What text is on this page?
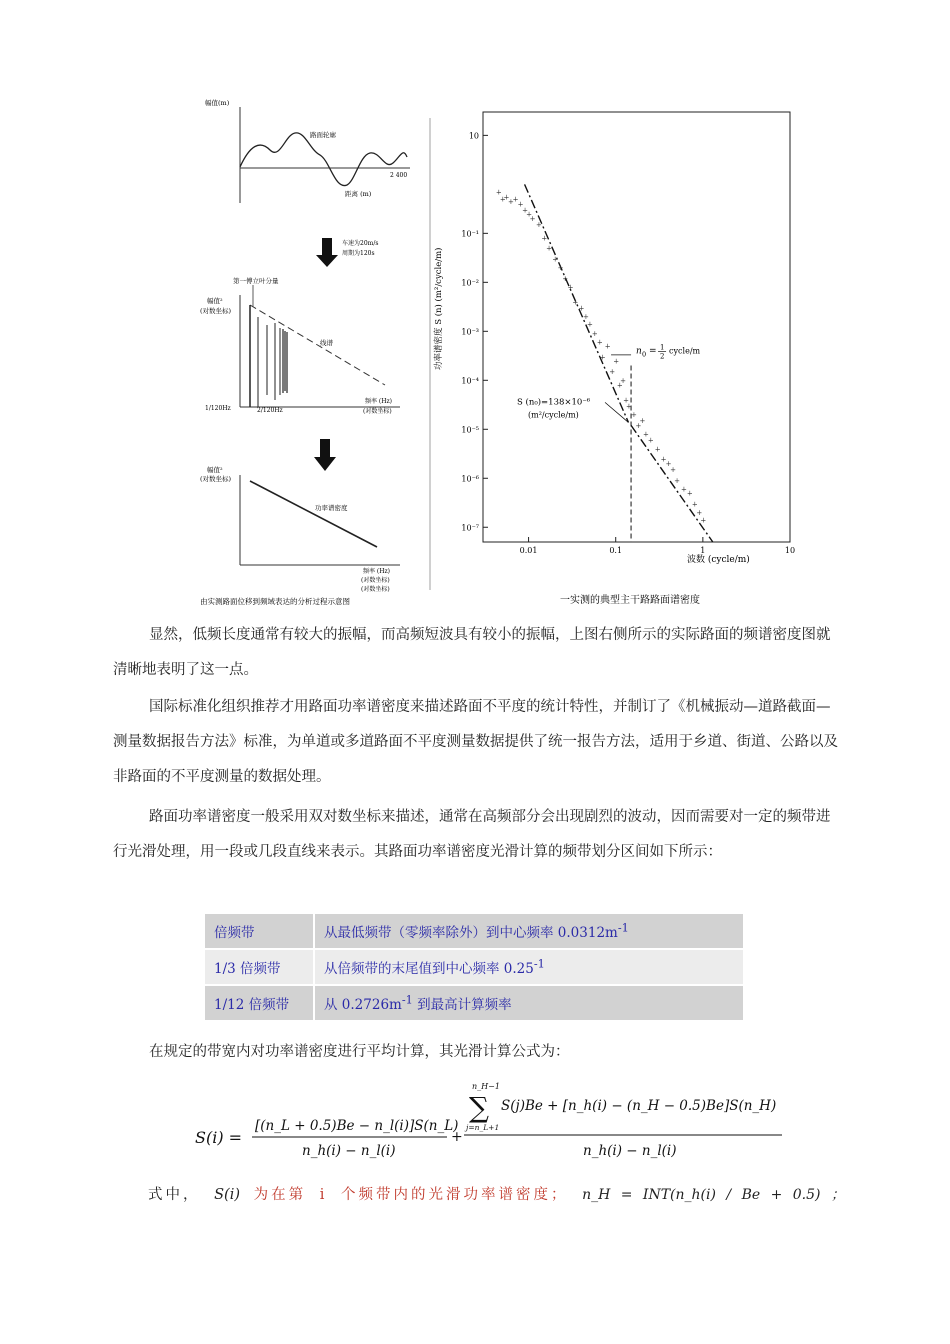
幅值(m)
路面轮廓
2 400
距离 (m)
车速为20m/s
周期为120s
第一傅立叶分量
幅值²
(对数坐标)
线谱
1/120Hz	2/120Hz
频率 (Hz)
(对数坐标)
幅值²
(对数坐标)
功率谱密度
频率 (Hz)
(对数坐标)
(对数坐标)
由实测路面位移到频域表达的分析过程示意图
功率谱密度 S (n) (m²/cycle/m)
10
10⁻¹
10⁻²
10⁻³
10⁻⁴
10⁻⁵
10⁻⁶
10⁻⁷
0.01	0.1	1	10
+
+
+
+
+
+
+
+
+
+
+
+
+
+
+
+
+
+
+
+
+
+
+
+
+
+
+
+
+
+
+
+
+
+
+
+
+
+
+
+
+ +
+
+
+
n 0 = 1
2
cycle/m
S (n₀)=138×10⁻⁶
(m²/cycle/m)
波数 (cycle/m)
一实测的典型主干路路面谱密度
显然，低频长度通常有较大的振幅，而高频短波具有较小的振幅，上图右侧所示的实际路面的频谱密度图就清晰地表明了这一点。
国际标准化组织推荐才用路面功率谱密度来描述路面不平度的统计特性，并制订了《机械振动—道路截面—测量数据报告方法》标准，为单道或多道路面不平度测量数据提供了统一报告方法，适用于乡道、街道、公路以及非路面的不平度测量的数据处理。
路面功率谱密度一般采用双对数坐标来描述，通常在高频部分会出现剧烈的波动，因而需要对一定的频带进行光滑处理，用一段或几段直线来表示。其路面功率谱密度光滑计算的频带划分区间如下所示：
倍频带	从最低频带（零频率除外）到中心频率 $0.0312m^{-1}$
1/3 倍频带	从倍频带的末尾值到中心频率 $0.25^{-1}$
1/12 倍频带	从 $0.2726m^{-1}$ 到最高计算频率
在规定的带宽内对功率谱密度进行平均计算，其光滑计算公式为：
S(i) =
[(n_L + 0.5)Be − n_l(i)]S(n_L)
n_h(i) − n_l(i)
+
n_H−1
∑
j=n_L+1
S(j)Be + [n_h(i) − (n_H − 0.5)Be]S(n_H)
n_h(i) − n_l(i)
式中， S(i) 为在第 i 个频带内的光滑功率谱密度； n_H = INT(n_h(i) / Be + 0.5) ；
